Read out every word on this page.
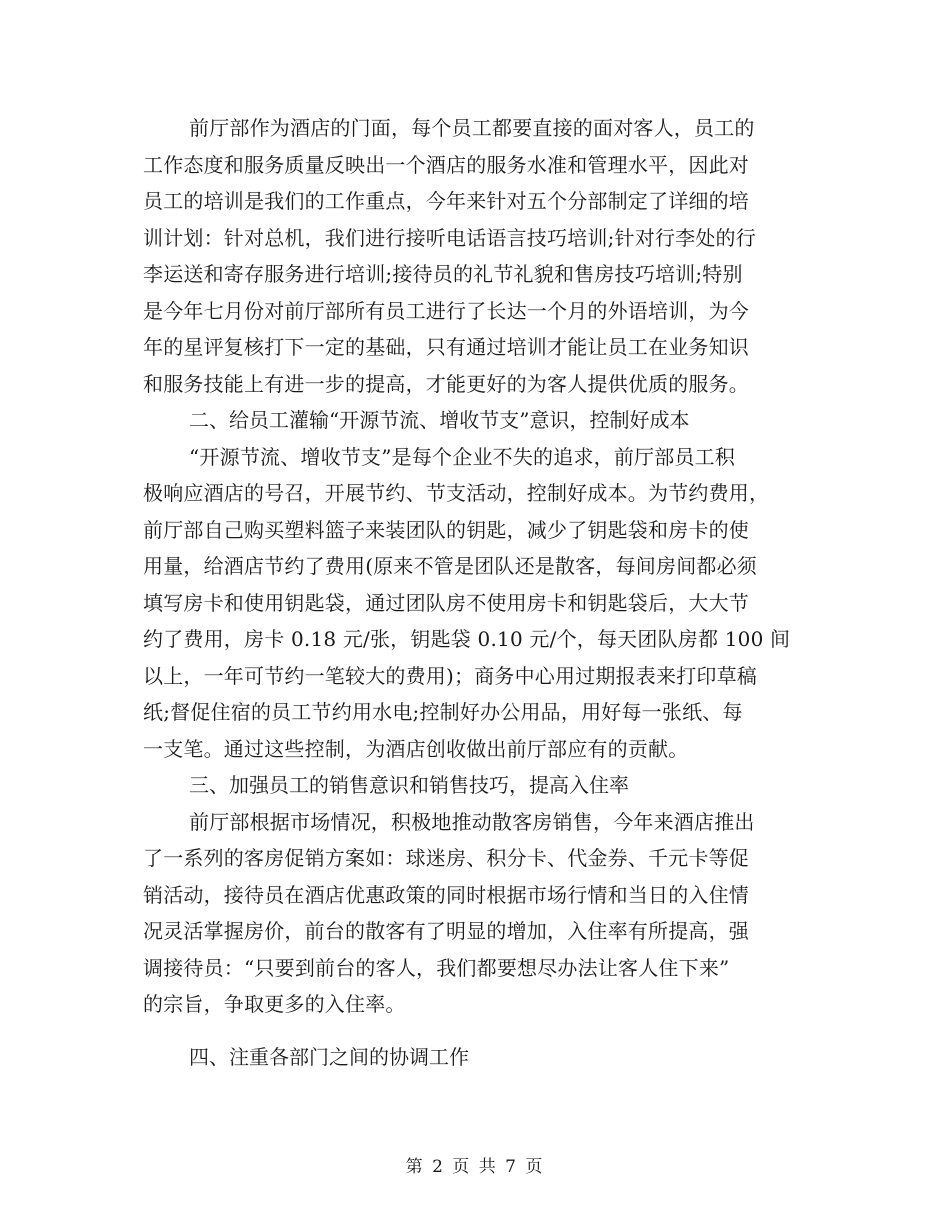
前厅部作为酒店的门面，每个员工都要直接的面对客人，员工的
工作态度和服务质量反映出一个酒店的服务水准和管理水平，因此对
员工的培训是我们的工作重点，今年来针对五个分部制定了详细的培
训计划：针对总机，我们进行接听电话语言技巧培训;针对行李处的行
李运送和寄存服务进行培训;接待员的礼节礼貌和售房技巧培训;特别
是今年七月份对前厅部所有员工进行了长达一个月的外语培训，为今
年的星评复核打下一定的基础，只有通过培训才能让员工在业务知识
和服务技能上有进一步的提高，才能更好的为客人提供优质的服务。
二、给员工灌输“开源节流、增收节支”意识，控制好成本
“开源节流、增收节支”是每个企业不失的追求，前厅部员工积
极响应酒店的号召，开展节约、节支活动，控制好成本。为节约费用，
前厅部自己购买塑料篮子来装团队的钥匙，减少了钥匙袋和房卡的使
用量，给酒店节约了费用(原来不管是团队还是散客，每间房间都必须
填写房卡和使用钥匙袋，通过团队房不使用房卡和钥匙袋后，大大节
约了费用，房卡 0.18 元/张，钥匙袋 0.10 元/个，每天团队房都 100 间
以上，一年可节约一笔较大的费用)；商务中心用过期报表来打印草稿
纸;督促住宿的员工节约用水电;控制好办公用品，用好每一张纸、每
一支笔。通过这些控制，为酒店创收做出前厅部应有的贡献。
三、加强员工的销售意识和销售技巧，提高入住率
前厅部根据市场情况，积极地推动散客房销售，今年来酒店推出
了一系列的客房促销方案如：球迷房、积分卡、代金券、千元卡等促
销活动，接待员在酒店优惠政策的同时根据市场行情和当日的入住情
况灵活掌握房价，前台的散客有了明显的增加，入住率有所提高，强
调接待员：“只要到前台的客人，我们都要想尽办法让客人住下来”
的宗旨，争取更多的入住率。
四、注重各部门之间的协调工作
第 2 页 共 7 页
